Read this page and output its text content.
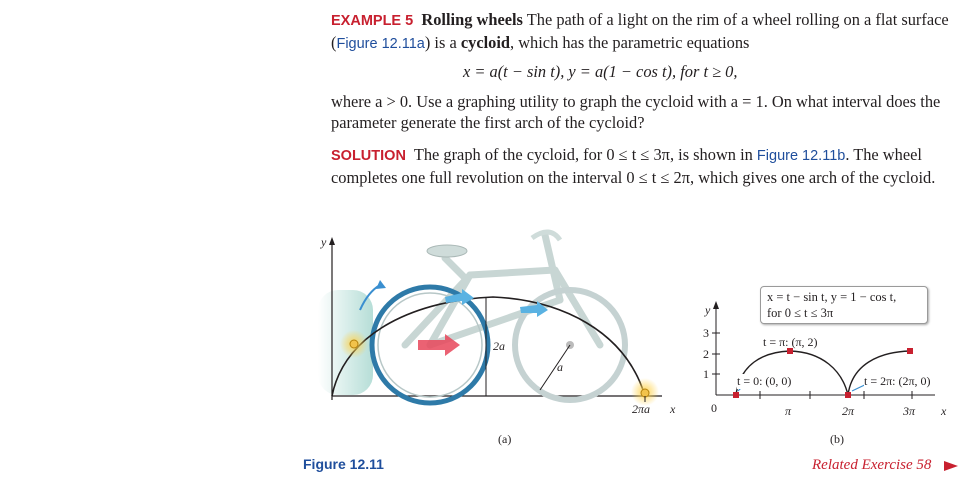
EXAMPLE 5 Rolling wheels The path of a light on the rim of a wheel rolling on a flat surface (Figure 12.11a) is a cycloid, which has the parametric equations
x = a(t − sin t), y = a(1 − cos t), for t ≥ 0,
where a > 0. Use a graphing utility to graph the cycloid with a = 1. On what interval does the parameter generate the first arch of the cycloid?
SOLUTION The graph of the cycloid, for 0 ≤ t ≤ 3π, is shown in Figure 12.11b. The wheel completes one full revolution on the interval 0 ≤ t ≤ 2π, which gives one arch of the cycloid.
y
2a
a
2πa x
(a)
x = t − sin t, y = 1 − cos t,
for 0 ≤ t ≤ 3π
y
3
2
1
0	π	2π	3π x
t = π: (π, 2)
t = 0: (0, 0)	t = 2π: (2π, 0)
(b)
Figure 12.11	Related Exercise 58
